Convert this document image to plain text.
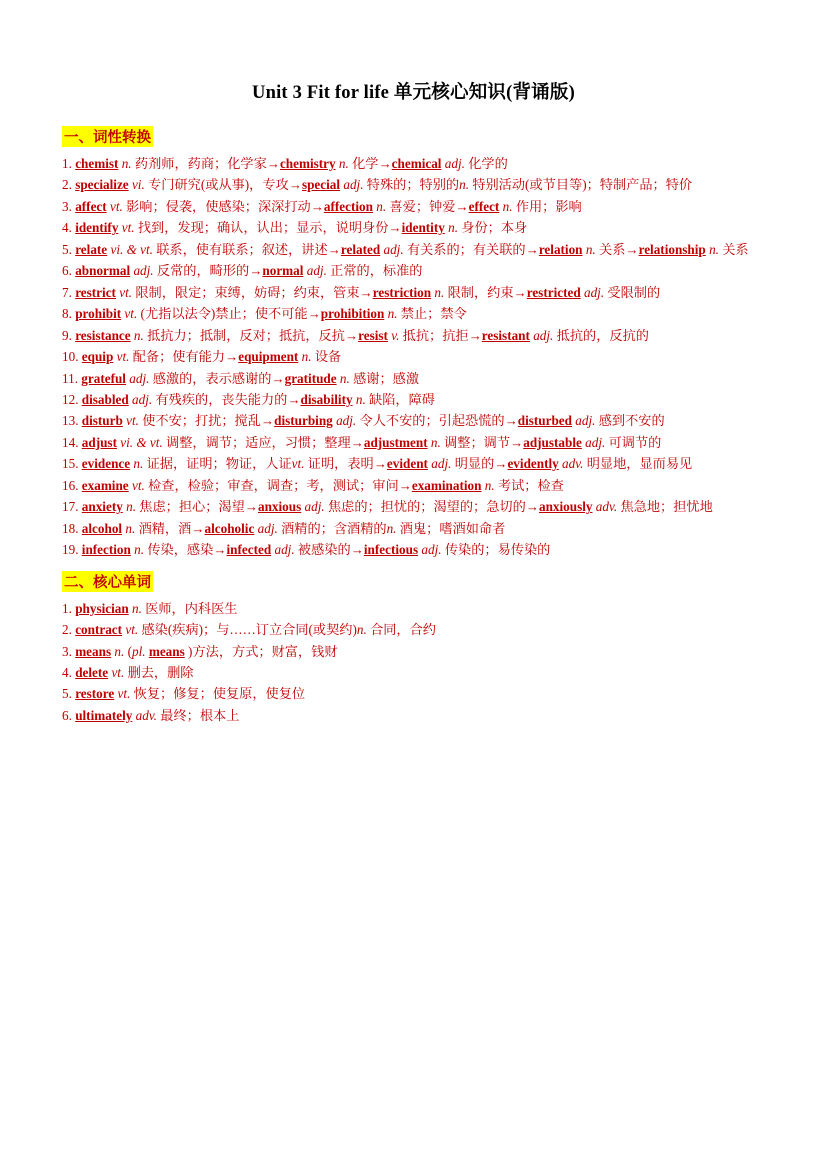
Unit 3 Fit for life 单元核心知识(背诵版)
一、词性转换

1. chemist n. 药剂师，药商；化学家→chemistry n. 化学→chemical adj. 化学的

2. specialize vi. 专门研究(或从事)，专攻→special adj. 特殊的；特别的n. 特别活动(或节目等)；特制产品；特价

3. affect vt. 影响；侵袭，使感染；深深打动→affection n. 喜爱；钟爱→effect n. 作用；影响

4. identify vt. 找到，发现；确认，认出；显示，说明身份→identity n. 身份；本身

5. relate vi. & vt. 联系，使有联系；叙述，讲述→related adj. 有关系的；有关联的→relation n. 关系→relationship n. 关系

6. abnormal adj. 反常的，畸形的→normal adj. 正常的，标准的

7. restrict vt. 限制，限定；束缚，妨碍；约束，管束→restriction n. 限制，约束→restricted adj. 受限制的

8. prohibit vt. (尤指以法令)禁止；使不可能→prohibition n. 禁止；禁令

9. resistance n. 抵抗力；抵制，反对；抵抗，反抗→resist v. 抵抗；抗拒→resistant adj. 抵抗的，反抗的

10. equip vt. 配备；使有能力→equipment n. 设备

11. grateful adj. 感激的，表示感谢的→gratitude n. 感谢；感激

12. disabled adj. 有残疾的，丧失能力的→disability n. 缺陷，障碍

13. disturb vt. 使不安；打扰；搅乱→disturbing adj. 令人不安的；引起恐慌的→disturbed adj. 感到不安的

14. adjust vi. & vt. 调整，调节；适应，习惯；整理→adjustment n. 调整；调节→adjustable adj. 可调节的

15. evidence n. 证据，证明；物证，人证vt. 证明，表明→evident adj. 明显的→evidently adv. 明显地，显而易见

16. examine vt. 检查，检验；审查，调查；考，测试；审问→examination n. 考试；检查

17. anxiety n. 焦虑；担心；渴望→anxious adj. 焦虑的；担忧的；渴望的；急切的→anxiously adv. 焦急地；担忧地

18. alcohol n. 酒精，酒→alcoholic adj. 酒精的；含酒精的n. 酒鬼；嗜酒如命者

19. infection n. 传染，感染→infected adj. 被感染的→infectious adj. 传染的；易传染的

二、核心单词

1. physician n. 医师，内科医生

2. contract vt. 感染(疾病)；与……订立合同(或契约)n. 合同，合约

3. means n. (pl. means )方法，方式；财富，钱财

4. delete vt. 删去，删除

5. restore vt. 恢复；修复；使复原，使复位

6. ultimately adv. 最终；根本上
